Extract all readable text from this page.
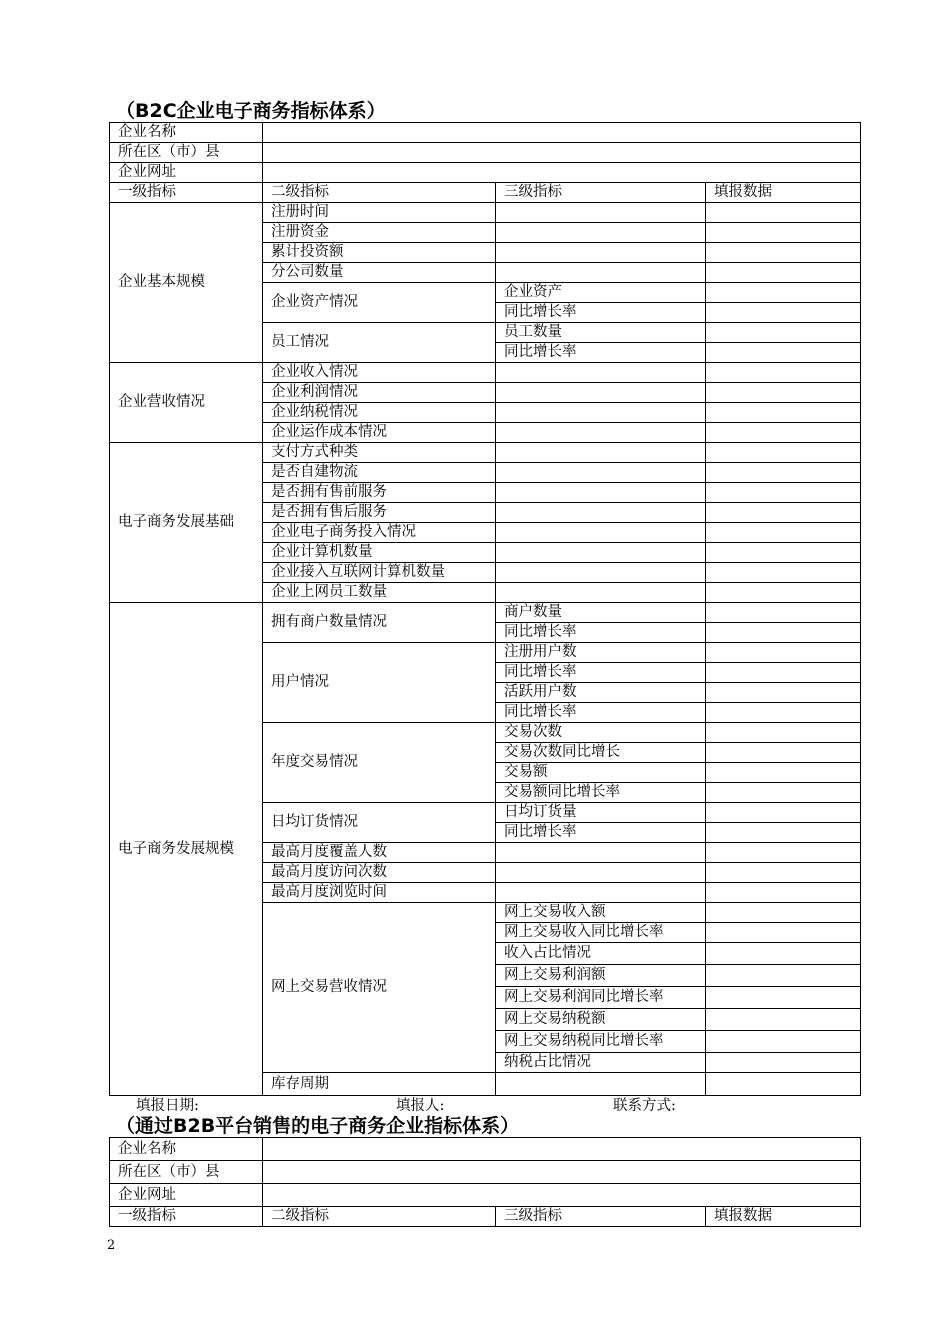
（B2C企业电子商务指标体系）
企业名称			
所在区（市）县			
企业网址			
一级指标	二级指标	三级指标	填报数据
企业基本规模	注册时间		
	注册资金		
	累计投资额		
	分公司数量		
	企业资产情况	企业资产	
		同比增长率	
	员工情况	员工数量	
		同比增长率	
企业营收情况	企业收入情况		
	企业利润情况		
	企业纳税情况		
	企业运作成本情况		
电子商务发展基础	支付方式种类		
	是否自建物流		
	是否拥有售前服务		
	是否拥有售后服务		
	企业电子商务投入情况		
	企业计算机数量		
	企业接入互联网计算机数量		
	企业上网员工数量		
电子商务发展规模	拥有商户数量情况	商户数量	
		同比增长率	
	用户情况	注册用户数	
		同比增长率	
		活跃用户数	
		同比增长率	
	年度交易情况	交易次数	
		交易次数同比增长	
		交易额	
		交易额同比增长率	
	日均订货情况	日均订货量	
		同比增长率	
	最高月度覆盖人数		
	最高月度访问次数		
	最高月度浏览时间		
	网上交易营收情况	网上交易收入额	
		网上交易收入同比增长率	
		收入占比情况	
		网上交易利润额	
		网上交易利润同比增长率	
		网上交易纳税额	
		网上交易纳税同比增长率	
		纳税占比情况	
	库存周期		
填报日期:	填报人:	联系方式:
（通过B2B平台销售的电子商务企业指标体系）
企业名称			
所在区（市）县			
企业网址			
一级指标	二级指标	三级指标	填报数据
2
